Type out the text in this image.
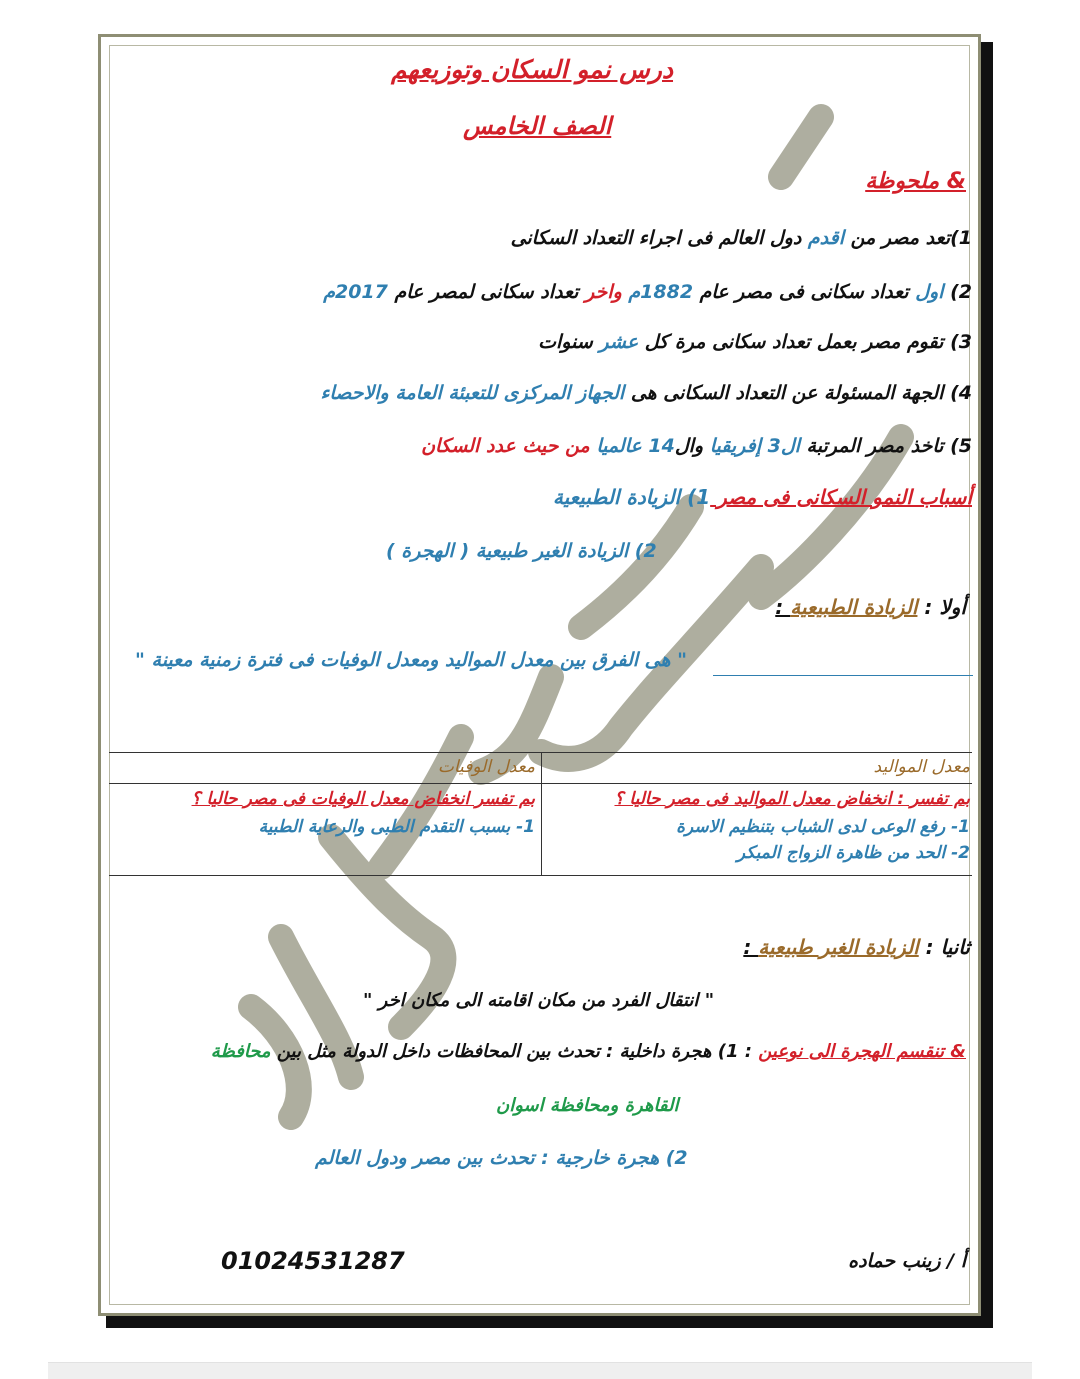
درس نمو السكان وتوزيعهم
الصف الخامس
& ملحوظة
1)تعد مصر من اقدم دول العالم فى اجراء التعداد السكانى
2) اول تعداد سكانى فى مصر عام 1882م واخر تعداد سكانى لمصر عام 2017م
3) تقوم مصر بعمل تعداد سكانى مرة كل عشر سنوات
4) الجهة المسئولة عن التعداد السكانى هى الجهاز المركزى للتعبئة العامة والاحصاء
5) تاخذ مصر المرتبة ال3 إفريقيا وال14 عالميا من حيث عدد السكان
أسباب النمو السكانى فى مصر 1) الزيادة الطبيعية
2) الزيادة الغير طبيعية ( الهجرة )
أولا : الزيادة الطبيعية :
" هى الفرق بين معدل المواليد ومعدل الوفيات فى فترة زمنية معينة "
معدل الوفيات	معدل المواليد
بم تفسر انخفاض معدل الوفيات فى مصر حاليا ؟	بم تفسر : انخفاض معدل المواليد فى مصر حاليا ؟
1- بسبب التقدم الطبى والرعاية الطبية	1- رفع الوعى لدى الشباب بتنظيم الاسرة
2- الحد من ظاهرة الزواج المبكر
ثانيا : الزيادة الغير طبيعية :
" انتقال الفرد من مكان اقامته الى مكان اخر "
& تنقسم الهجرة الى نوعين : 1) هجرة داخلية : تحدث بين المحافظات داخل الدولة مثل بين محافظة
القاهرة ومحافظة اسوان
2) هجرة خارجية : تحدث بين مصر ودول العالم
أ / زينب حماده
01024531287
